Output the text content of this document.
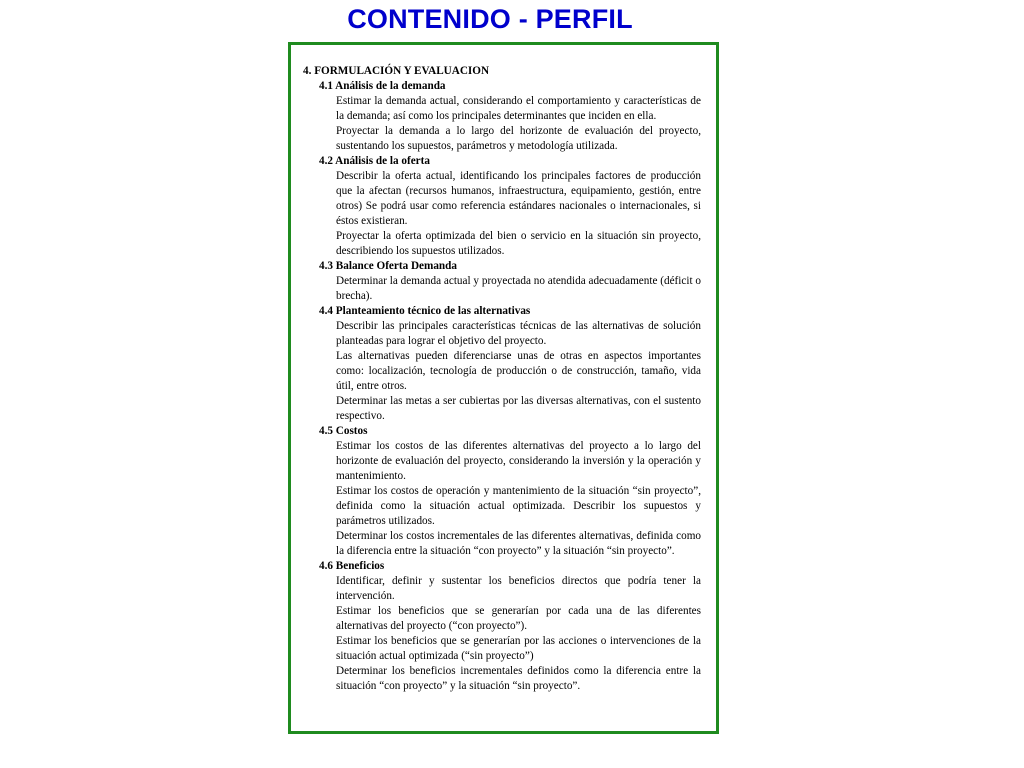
CONTENIDO - PERFIL
4. FORMULACIÓN Y EVALUACION
4.1 Análisis de la demanda
Estimar la demanda actual, considerando el comportamiento y características de la demanda; así como los principales determinantes que inciden en ella.
Proyectar la demanda a lo largo del horizonte de evaluación del proyecto, sustentando los supuestos, parámetros y metodología utilizada.
4.2 Análisis de la oferta
Describir la oferta actual, identificando los principales factores de producción que la afectan (recursos humanos, infraestructura, equipamiento, gestión, entre otros) Se podrá usar como referencia estándares nacionales o internacionales, si éstos existieran.
Proyectar la oferta optimizada del bien o servicio en la situación sin proyecto, describiendo los supuestos utilizados.
4.3 Balance Oferta Demanda
Determinar la demanda actual y proyectada no atendida adecuadamente (déficit o brecha).
4.4 Planteamiento técnico de las alternativas
Describir las principales características técnicas de las alternativas de solución planteadas para lograr el objetivo del proyecto.
Las alternativas pueden diferenciarse unas de otras en aspectos importantes como: localización, tecnología de producción o de construcción, tamaño, vida útil, entre otros.
Determinar las metas a ser cubiertas por las diversas alternativas, con el sustento respectivo.
4.5 Costos
Estimar los costos de las diferentes alternativas del proyecto a lo largo del horizonte de evaluación del proyecto, considerando la inversión y la operación y mantenimiento.
Estimar los costos de operación y mantenimiento de la situación “sin proyecto”, definida como la situación actual optimizada. Describir los supuestos y parámetros utilizados.
Determinar los costos incrementales de las diferentes alternativas, definida como la diferencia entre la situación “con proyecto” y la situación “sin proyecto”.
4.6 Beneficios
Identificar, definir y sustentar los beneficios directos que podría tener la intervención.
Estimar los beneficios que se generarían por cada una de las diferentes alternativas del proyecto (“con proyecto”).
Estimar los beneficios que se generarían por las acciones o intervenciones de la situación actual optimizada (“sin proyecto”)
Determinar los beneficios incrementales definidos como la diferencia entre la situación “con proyecto” y la situación “sin proyecto”.
